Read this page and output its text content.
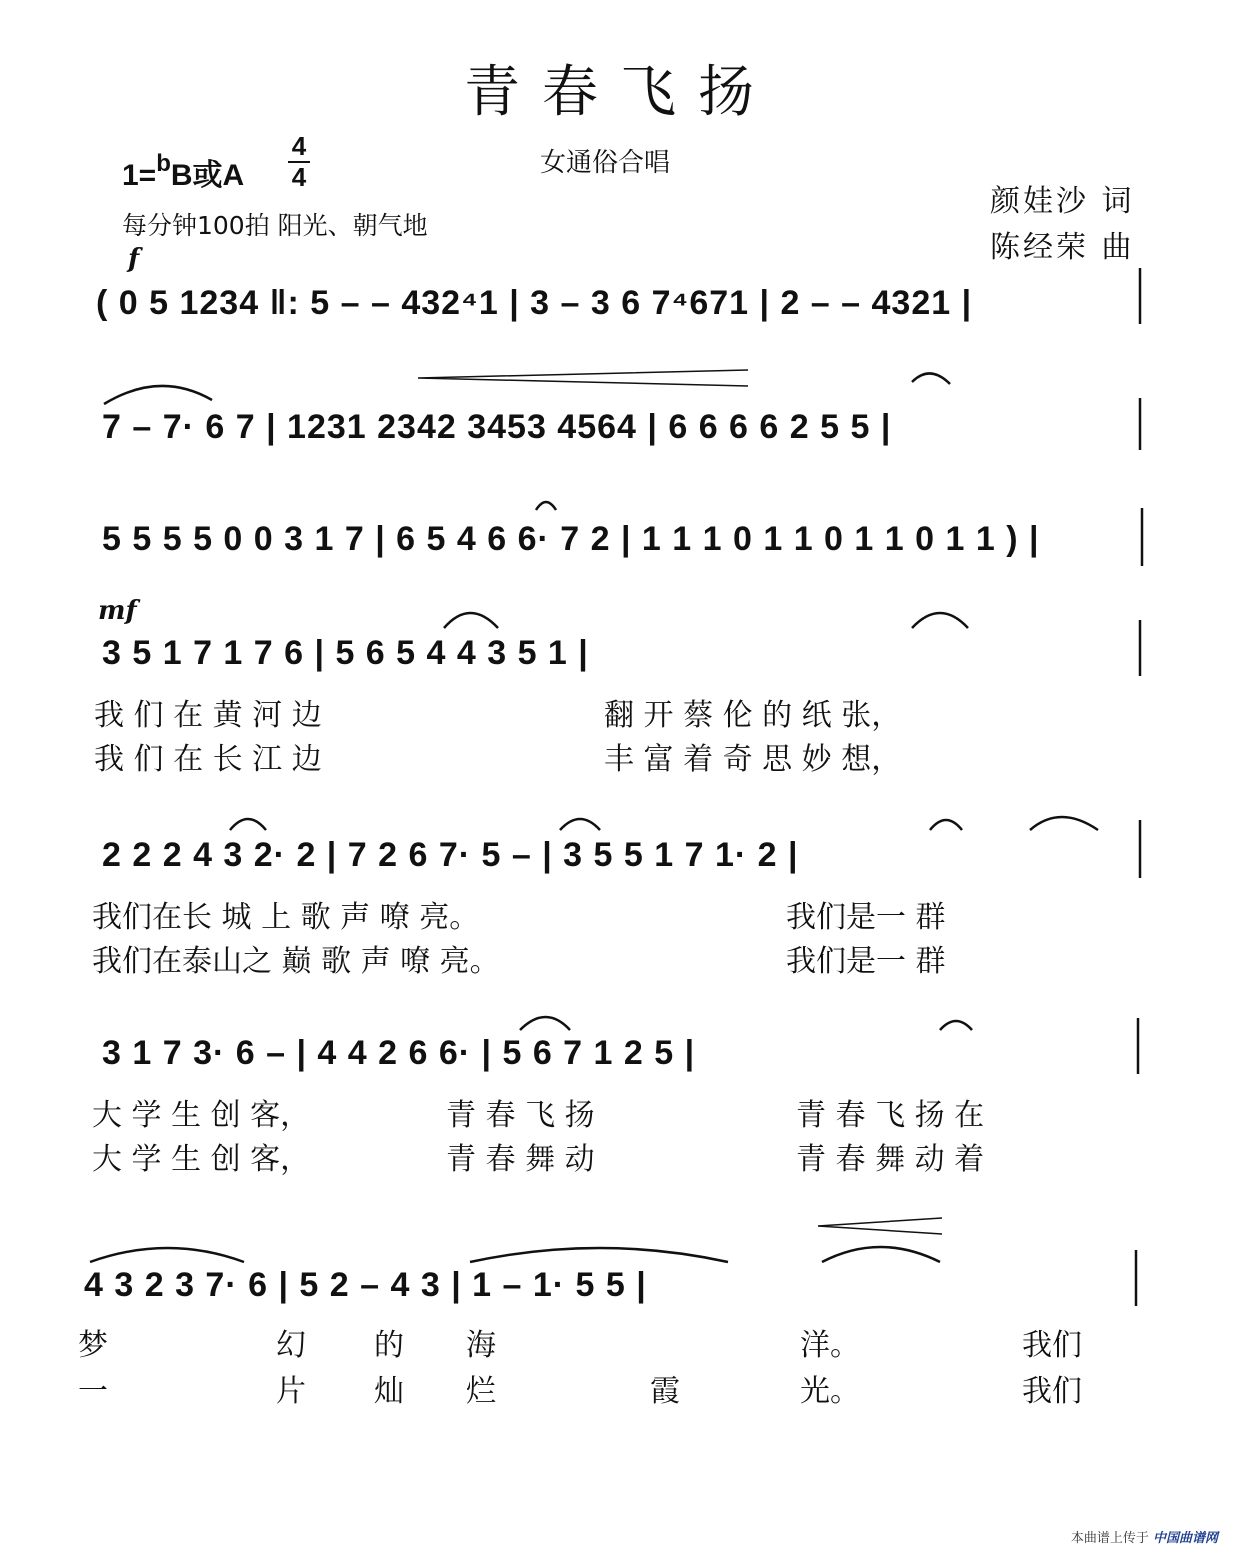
青春飞扬
1=$^b$B或A
4
4	女通俗合唱
每分钟100拍 阳光、朝气地
颜娃沙 词
陈经荣 曲
f
mf
( 0 5 1234 ‖: 5 – – 432⁴1 | 3 – 3 6 7⁴671 | 2 – – 4321 |
7 – 7· 6 7 | 1231 2342 3453 4564 | 6 6 6 6 2 5 5 |
5 5 5 5 0 0 3 1 7 | 6 5 4 6 6· 7 2 | 1 1 1 0 1 1 0 1 1 0 1 1 ) |
3 5 1 7 1 7 6 | 5 6 5 4 4 3 5 1 |
我 们 在 黄 河 边	翻 开 蔡 伦 的 纸 张，
我 们 在 长 江 边	丰 富 着 奇 思 妙 想，
2 2 2 4 3 2· 2 | 7 2 6 7· 5 – | 3 5 5 1 7 1· 2 |
我们在长 城 上 歌 声 嘹 亮。	我们是一 群
我们在泰山之 巅 歌 声 嘹 亮。	我们是一 群
3 1 7 3· 6 – | 4 4 2 6 6· | 5 6 7 1 2 5 |
大 学 生 创 客，	青 春 飞 扬	青 春 飞 扬 在
大 学 生 创 客，	青 春 舞 动	青 春 舞 动 着
4 3 2 3 7· 6 | 5 2 – 4 3 | 1 – 1· 5 5 |
梦	幻 的 海	洋。	我们
一	片 灿 烂	霞	光。	我们
本曲谱上传于 中国曲谱网
